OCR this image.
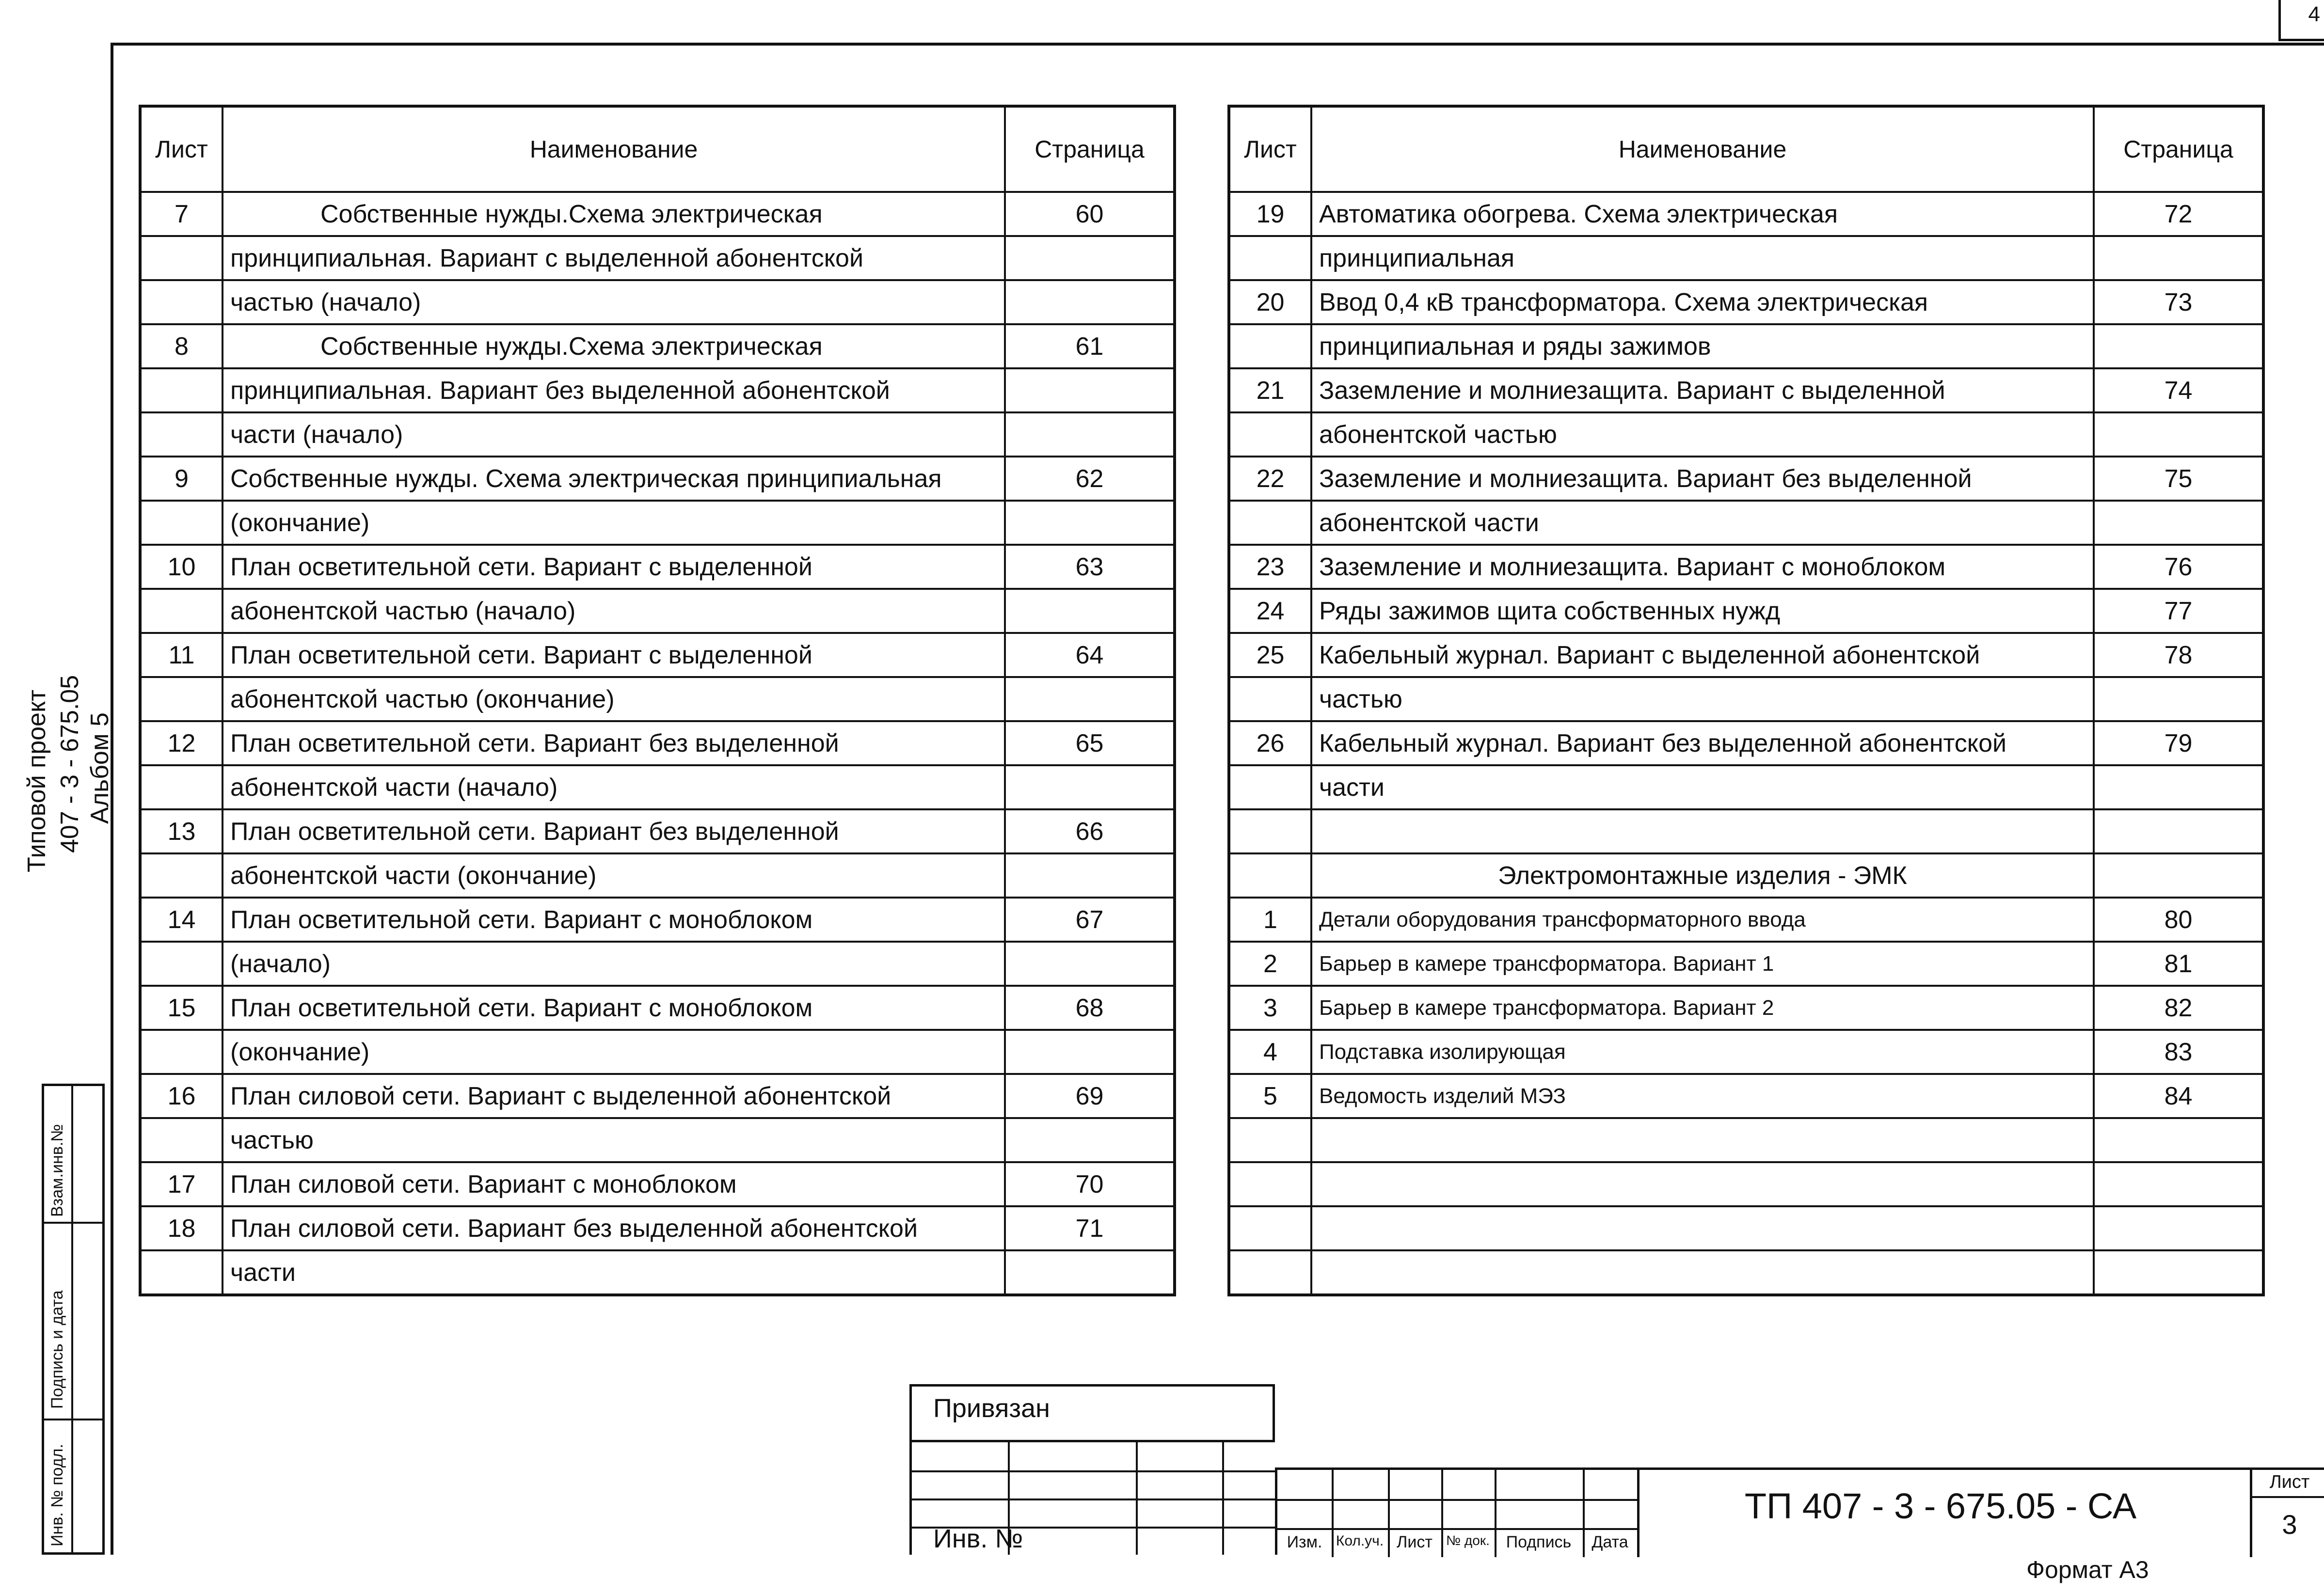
4
Типовой проект 407 - 3 - 675.05 Альбом 5
Взам.инв.№
Подпись и дата
Инв. № подл.
Лист	Наименование	Страница
7	Собственные нужды.Схема электрическая	60
	принципиальная. Вариант с выделенной абонентской	
	частью (начало)	
8	Собственные нужды.Схема электрическая	61
	принципиальная. Вариант без выделенной абонентской	
	части (начало)	
9	Собственные нужды. Схема электрическая принципиальная	62
	(окончание)	
10	План осветительной сети. Вариант с выделенной	63
	абонентской частью (начало)	
11	План осветительной сети. Вариант с выделенной	64
	абонентской частью (окончание)	
12	План осветительной сети. Вариант без выделенной	65
	абонентской части (начало)	
13	План осветительной сети. Вариант без выделенной	66
	абонентской части (окончание)	
14	План осветительной сети. Вариант с моноблоком	67
	(начало)	
15	План осветительной сети. Вариант с моноблоком	68
	(окончание)	
16	План силовой сети. Вариант с выделенной абонентской	69
	частью	
17	План силовой сети. Вариант с моноблоком	70
18	План силовой сети. Вариант без выделенной абонентской	71
	части	
Лист	Наименование	Страница
19	Автоматика обогрева. Схема электрическая	72
	принципиальная	
20	Ввод 0,4 кВ трансформатора. Схема электрическая	73
	принципиальная и ряды зажимов	
21	Заземление и молниезащита. Вариант с выделенной	74
	абонентской частью	
22	Заземление и молниезащита. Вариант без выделенной	75
	абонентской части	
23	Заземление и молниезащита. Вариант с моноблоком	76
24	Ряды зажимов щита собственных нужд	77
25	Кабельный журнал. Вариант с выделенной абонентской	78
	частью	
26	Кабельный журнал. Вариант без выделенной абонентской	79
	части	

	Электромонтажные изделия - ЭМК	
1	Детали оборудования трансформаторного ввода	80
2	Барьер в камере трансформатора. Вариант 1	81
3	Барьер в камере трансформатора. Вариант 2	82
4	Подставка изолирующая	83
5	Ведомость изделий МЭЗ	84

Привязан
Инв. №	Изм. Кол.уч. Лист	№ док. Подпись	Дата
Лист
3
ТП 407 - 3 - 675.05 - СА
Формат А3
